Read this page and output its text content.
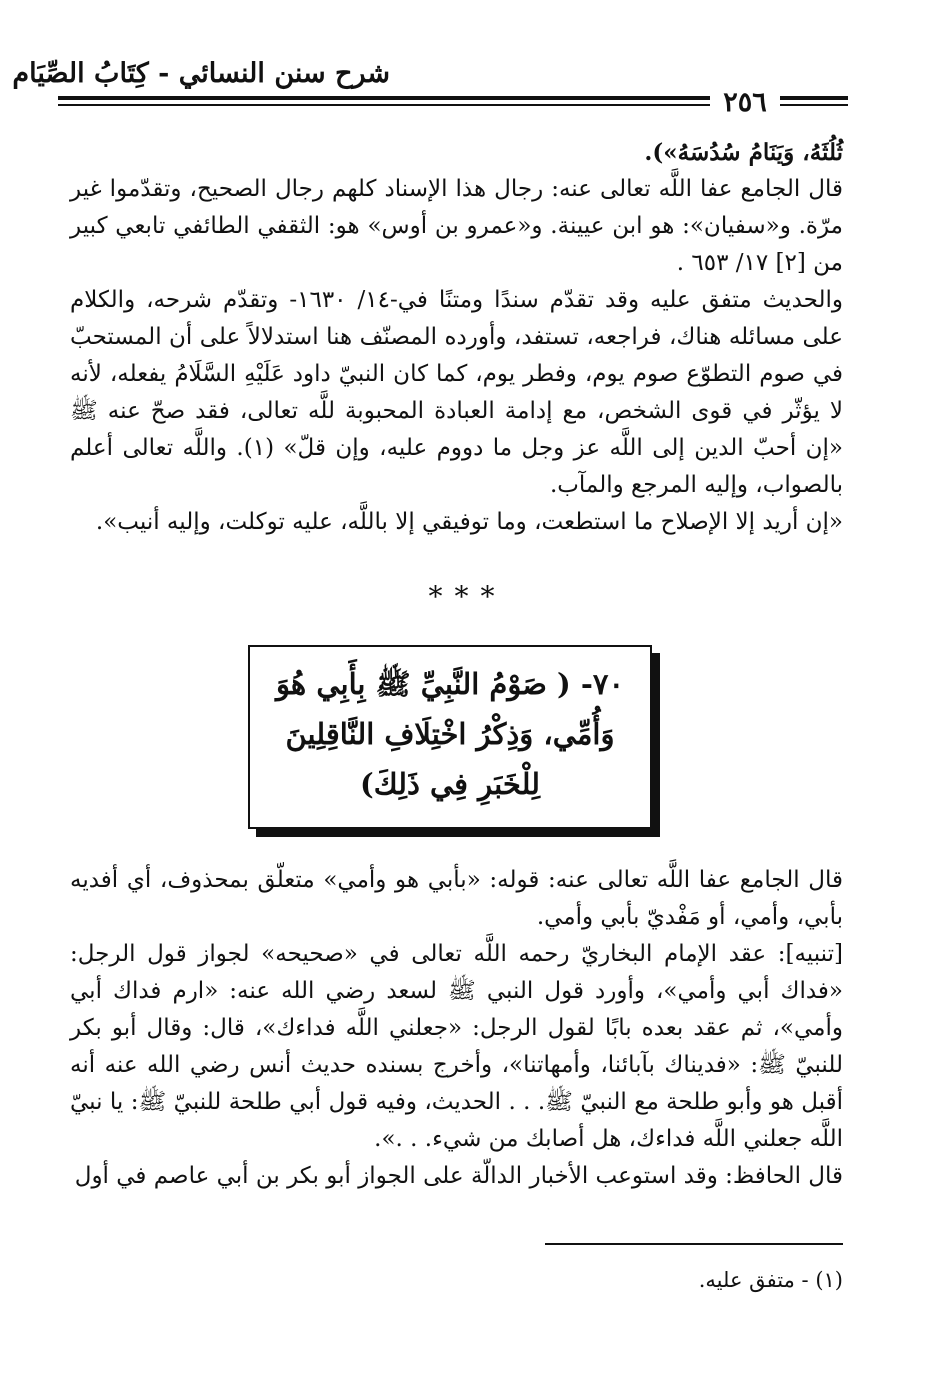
شرح سنن النسائي - كِتَابُ الصِّيَام
٢٥٦

ثُلُثَهُ، وَيَنَامُ سُدُسَهُ»).

قال الجامع عفا اللَّه تعالى عنه: رجال هذا الإسناد كلهم رجال الصحيح، وتقدّموا غير مرّة. و«سفيان»: هو ابن عيينة. و«عمرو بن أوس» هو: الثقفي الطائفي تابعي كبير من [٢] ١٧/ ٦٥٣ .

والحديث متفق عليه وقد تقدّم سندًا ومتنًا في-١٤/ ١٦٣٠- وتقدّم شرحه، والكلام على مسائله هناك، فراجعه، تستفد، وأورده المصنّف هنا استدلالاً على أن المستحبّ في صوم التطوّع صوم يوم، وفطر يوم، كما كان النبيّ داود عَلَيْهِ السَّلَامُ يفعله، لأنه لا يؤثّر في قوى الشخص، مع إدامة العبادة المحبوبة للَّه تعالى، فقد صحّ عنه ﷺ «إن أحبّ الدين إلى اللَّه عز وجل ما دووم عليه، وإن قلّ» (١). واللَّه تعالى أعلم بالصواب، وإليه المرجع والمآب.

«إن أريد إلا الإصلاح ما استطعت، وما توفيقي إلا باللَّه، عليه توكلت، وإليه أنيب».

***
٧٠- ( صَوْمُ النَّبِيِّ ﷺ بِأَبِي هُوَ وَأُمِّي، وَذِكْرُ اخْتِلَافِ النَّاقِلِينَ لِلْخَبَرِ فِي ذَلِكَ)

قال الجامع عفا اللَّه تعالى عنه: قوله: «بأبي هو وأمي» متعلّق بمحذوف، أي أفديه بأبي، وأمي، أو مَفْديّ بأبي وأمي.

[تنبيه]: عقد الإمام البخاريّ رحمه اللَّه تعالى في «صحيحه» لجواز قول الرجل: «فداك أبي وأمي»، وأورد قول النبي ﷺ لسعد رضي الله عنه: «ارم فداك أبي وأمي»، ثم عقد بعده بابًا لقول الرجل: «جعلني اللَّه فداءك»، قال: وقال أبو بكر للنبيّ ﷺ: «فديناك بآبائنا، وأمهاتنا»، وأخرج بسنده حديث أنس رضي الله عنه أنه أقبل هو وأبو طلحة مع النبيّ ﷺ. . . الحديث، وفيه قول أبي طلحة للنبيّ ﷺ: يا نبيّ اللَّه جعلني اللَّه فداءك، هل أصابك من شيء. . .».

قال الحافظ: وقد استوعب الأخبار الدالّة على الجواز أبو بكر بن أبي عاصم في أول

(١) - متفق عليه.
